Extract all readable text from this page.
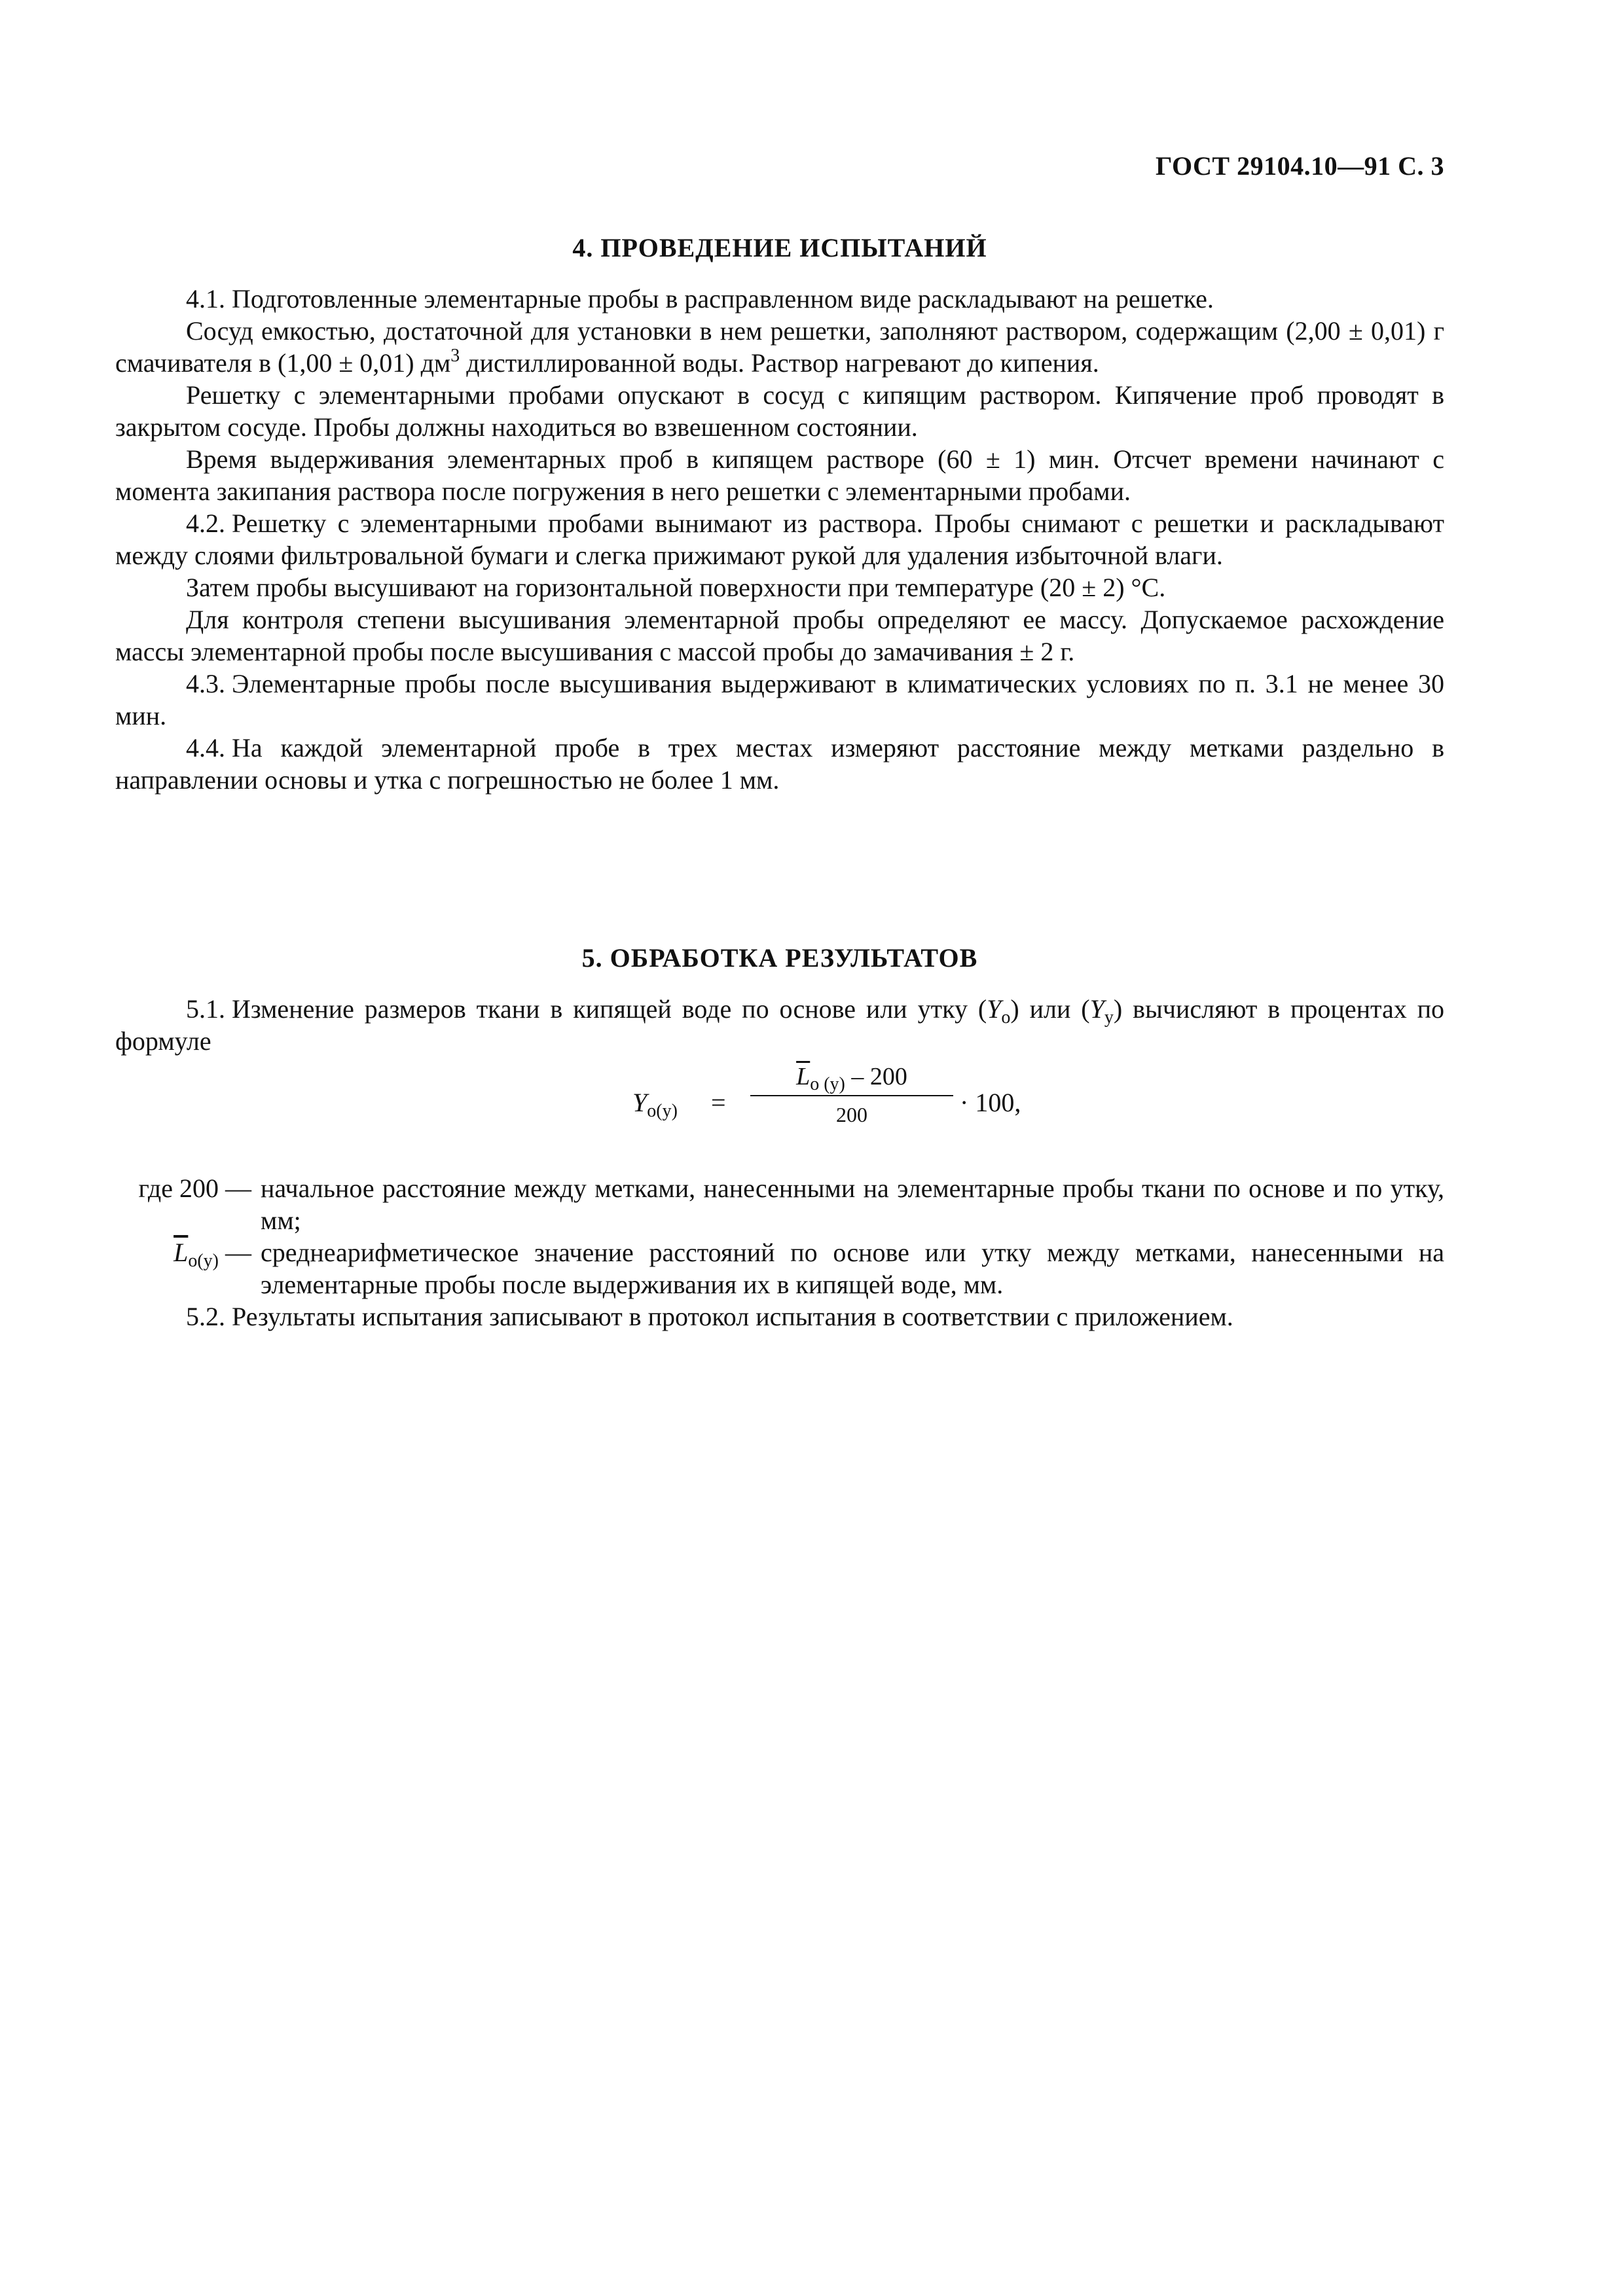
ГОСТ 29104.10—91 С. 3
4. ПРОВЕДЕНИЕ ИСПЫТАНИЙ

4.1. Подготовленные элементарные пробы в расправленном виде раскладывают на решетке.

Сосуд емкостью, достаточной для установки в нем решетки, заполняют раствором, содержащим (2,00 ± 0,01) г смачивателя в (1,00 ± 0,01) $дм^3$ дистиллированной воды. Раствор нагревают до кипения.

Решетку с элементарными пробами опускают в сосуд с кипящим раствором. Кипячение проб проводят в закрытом сосуде. Пробы должны находиться во взвешенном состоянии.

Время выдерживания элементарных проб в кипящем растворе (60 ± 1) мин. Отсчет времени начинают с момента закипания раствора после погружения в него решетки с элементарными пробами.

4.2. Решетку с элементарными пробами вынимают из раствора. Пробы снимают с решетки и раскладывают между слоями фильтровальной бумаги и слегка прижимают рукой для удаления избыточной влаги.

Затем пробы высушивают на горизонтальной поверхности при температуре (20 ± 2) °С.

Для контроля степени высушивания элементарной пробы определяют ее массу. Допускаемое расхождение массы элементарной пробы после высушивания с массой пробы до замачивания ± 2 г.

4.3. Элементарные пробы после высушивания выдерживают в климатических условиях по п. 3.1 не менее 30 мин.

4.4. На каждой элементарной пробе в трех местах измеряют расстояние между метками раздельно в направлении основы и утка с погрешностью не более 1 мм.

5. ОБРАБОТКА РЕЗУЛЬТАТОВ

5.1. Изменение размеров ткани в кипящей воде по основе или утку $(Y_о)$ или $(Y_у)$ вычисляют в процентах по формуле

$Y_{о(у)}$ =
$\overline{L}_{о (у)} - 200$
200	· 100,
где 200 — начальное расстояние между метками, нанесенными на элементарные пробы ткани по основе и по утку, мм;
$\overline{L}_{о(у)}$ — среднеарифметическое значение расстояний по основе или утку между метками, нанесенными на элементарные пробы после выдерживания их в кипящей воде, мм.

5.2. Результаты испытания записывают в протокол испытания в соответствии с приложением.
